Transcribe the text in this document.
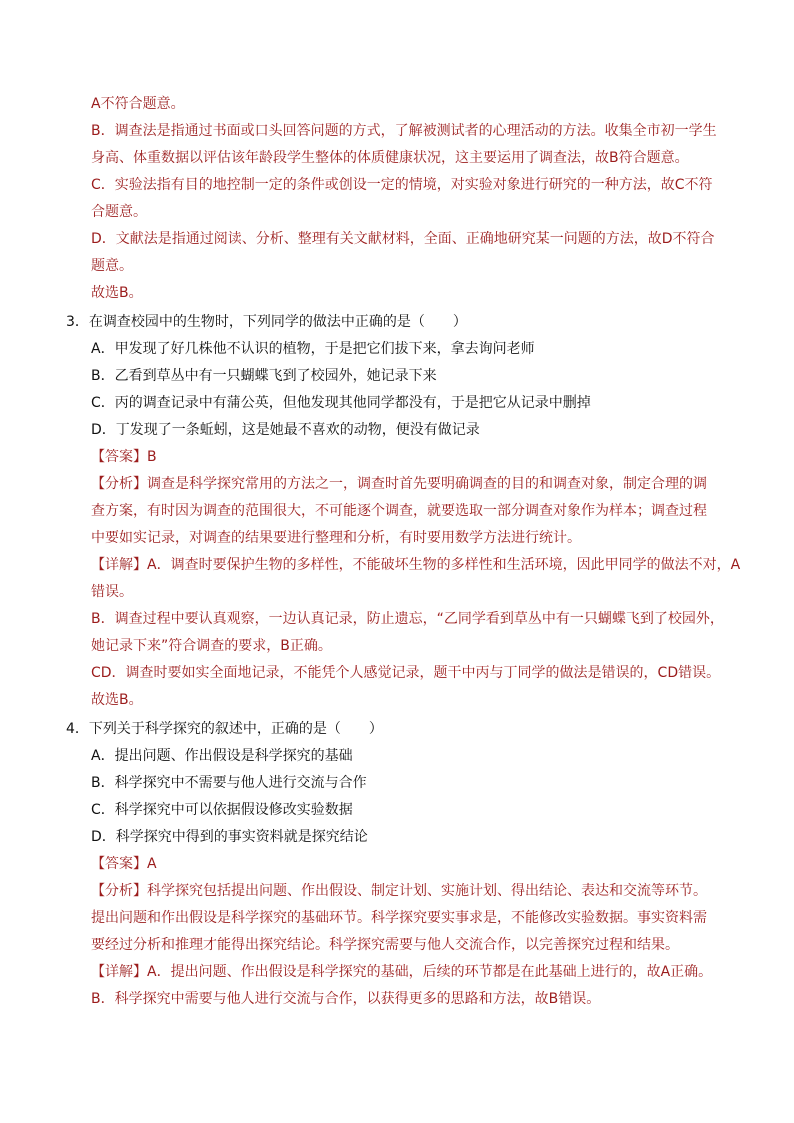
A不符合题意。
B．调查法是指通过书面或口头回答问题的方式，了解被测试者的心理活动的方法。收集全市初一学生
身高、体重数据以评估该年龄段学生整体的体质健康状况，这主要运用了调查法，故B符合题意。
C．实验法指有目的地控制一定的条件或创设一定的情境，对实验对象进行研究的一种方法，故C不符
合题意。
D．文献法是指通过阅读、分析、整理有关文献材料，全面、正确地研究某一问题的方法，故D不符合
题意。
故选B。
3．在调查校园中的生物时，下列同学的做法中正确的是（　　）
A．甲发现了好几株他不认识的植物，于是把它们拔下来，拿去询问老师
B．乙看到草丛中有一只蝴蝶飞到了校园外，她记录下来
C．丙的调查记录中有蒲公英，但他发现其他同学都没有，于是把它从记录中删掉
D．丁发现了一条蚯蚓，这是她最不喜欢的动物，便没有做记录
【答案】B
【分析】调查是科学探究常用的方法之一，调查时首先要明确调查的目的和调查对象，制定合理的调
查方案，有时因为调查的范围很大，不可能逐个调查，就要选取一部分调查对象作为样本；调查过程
中要如实记录，对调查的结果要进行整理和分析，有时要用数学方法进行统计。
【详解】A．调查时要保护生物的多样性，不能破坏生物的多样性和生活环境，因此甲同学的做法不对，A
错误。
B．调查过程中要认真观察，一边认真记录，防止遗忘，“乙同学看到草丛中有一只蝴蝶飞到了校园外，
她记录下来”符合调查的要求，B正确。
CD．调查时要如实全面地记录，不能凭个人感觉记录，题干中丙与丁同学的做法是错误的，CD错误。
故选B。
4．下列关于科学探究的叙述中，正确的是（　　）
A．提出问题、作出假设是科学探究的基础
B．科学探究中不需要与他人进行交流与合作
C．科学探究中可以依据假设修改实验数据
D．科学探究中得到的事实资料就是探究结论
【答案】A
【分析】科学探究包括提出问题、作出假设、制定计划、实施计划、得出结论、表达和交流等环节。
提出问题和作出假设是科学探究的基础环节。科学探究要实事求是，不能修改实验数据。事实资料需
要经过分析和推理才能得出探究结论。科学探究需要与他人交流合作，以完善探究过程和结果。
【详解】A．提出问题、作出假设是科学探究的基础，后续的环节都是在此基础上进行的，故A正确。
B．科学探究中需要与他人进行交流与合作，以获得更多的思路和方法，故B错误。
